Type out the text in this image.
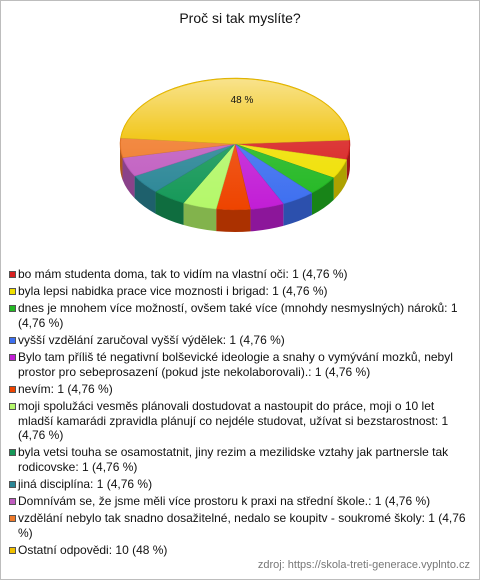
Proč si tak myslíte?
48 %
bo mám studenta doma, tak to vidím na vlastní oči: 1 (4,76 %)
byla lepsi nabidka prace vice moznosti i brigad: 1 (4,76 %)
dnes je mnohem více možností, ovšem také více (mnohdy nesmyslných) nároků: 1 (4,76 %)
vyšší vzdělání zaručoval vyšší výdělek: 1 (4,76 %)
Bylo tam příliš té negativní bolševické ideologie a snahy o vymývání mozků, nebyl prostor pro sebeprosazení (pokud jste nekolaborovali).: 1 (4,76 %)
nevím: 1 (4,76 %)
moji spolužáci vesměs plánovali dostudovat a nastoupit do práce, moji o 10 let mladší kamarádi zpravidla plánují co nejdéle studovat, užívat si bezstarostnost: 1 (4,76 %)
byla vetsi touha se osamostatnit, jiny rezim a mezilidske vztahy jak partnersle tak rodicovske: 1 (4,76 %)
jiná disciplína: 1 (4,76 %)
Domnívám se, že jsme měli více prostoru k praxi na střední škole.: 1 (4,76 %)
vzdělání nebylo tak snadno dosažitelné, nedalo se koupitv - soukromé školy: 1 (4,76 %)
Ostatní odpovědi: 10 (48 %)
zdroj: https://skola-treti-generace.vyplnto.cz
